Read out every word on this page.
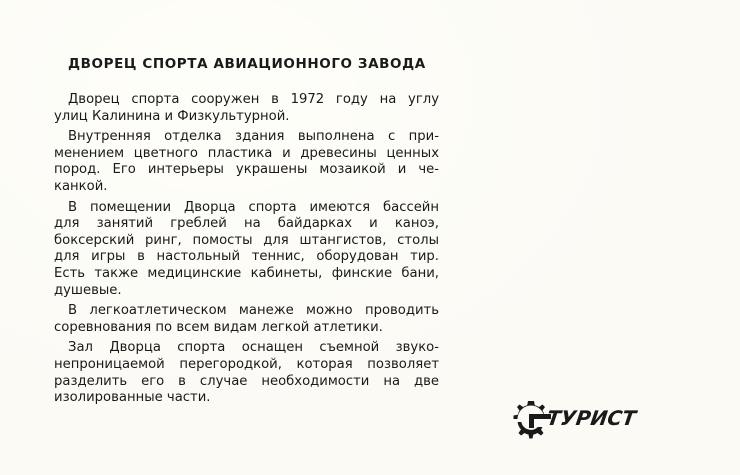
ДВОРЕЦ СПОРТА АВИАЦИОННОГО ЗАВОДА
Дворец спорта сооружен в 1972 году на углу
улиц Калинина и Физкультурной.
Внутренняя отделка здания выполнена с при-
менением цветного пластика и древесины ценных
пород. Его интерьеры украшены мозаикой и че-
канкой.
В помещении Дворца спорта имеются бассейн
для занятий греблей на байдарках и каноэ,
боксерский ринг, помосты для штангистов, столы
для игры в настольный теннис, оборудован тир.
Есть также медицинские кабинеты, финские бани,
душевые.
В легкоатлетическом манеже можно проводить
соревнования по всем видам легкой атлетики.
Зал Дворца спорта оснащен съемной звуко-
непроницаемой перегородкой, которая позволяет
разделить его в случае необходимости на две
изолированные части.
ТУРИСТ
